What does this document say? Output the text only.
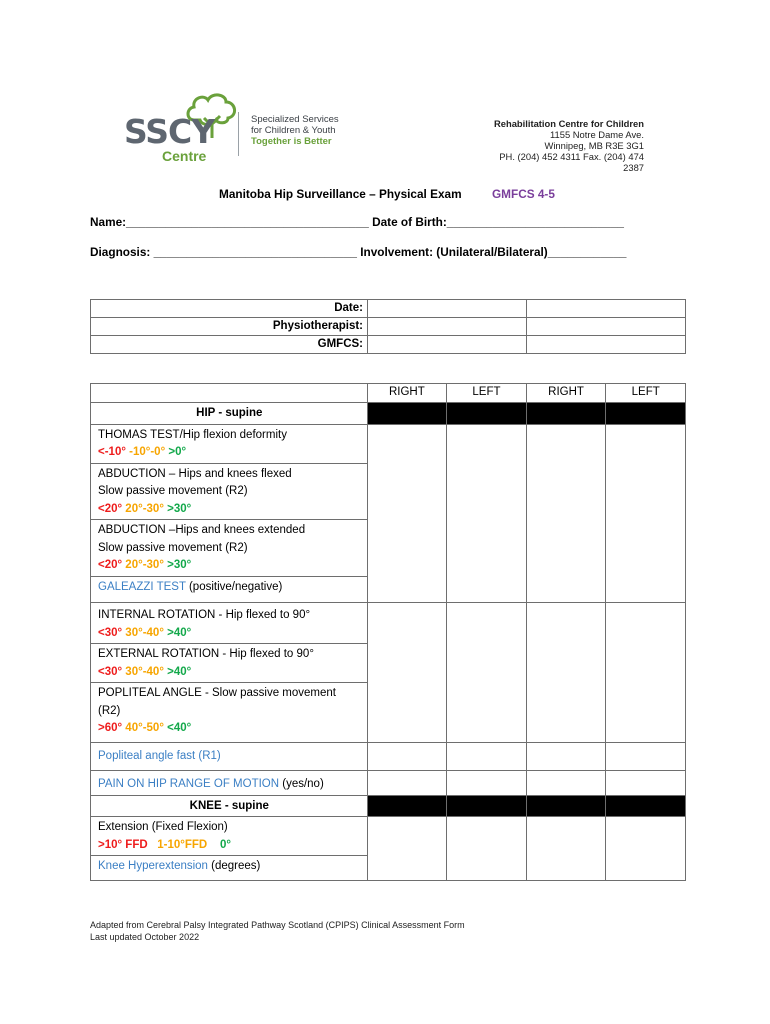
SSCY
Centre
Specialized Services
for Children & Youth
Together is Better
Rehabilitation Centre for Children
1155 Notre Dame Ave.
Winnipeg, MB R3E 3G1
PH. (204) 452 4311 Fax. (204) 474 2387
Manitoba Hip Surveillance – Physical Exam	GMFCS 4-5
Name:_____________________________________ Date of Birth:___________________________
Diagnosis: _______________________________ Involvement: (Unilateral/Bilateral)____________
Date:		
Physiotherapist:		
GMFCS:		
	RIGHT	LEFT	RIGHT	LEFT
HIP - supine				

THOMAS TEST/Hip flexion deformity
<-10° -10°-0° >0°				

ABDUCTION – Hips and knees flexed
Slow passive movement (R2)
<20° 20°-30° >30°				

ABDUCTION –Hips and knees extended
Slow passive movement (R2)
<20° 20°-30° >30°				

GALEAZZI TEST (positive/negative)				

INTERNAL ROTATION - Hip flexed to 90°
<30° 30°-40° >40°				

EXTERNAL ROTATION - Hip flexed to 90°
<30° 30°-40° >40°				

POPLITEAL ANGLE - Slow passive movement
(R2)
>60° 40°-50° <40°				

Popliteal angle fast (R1)				
PAIN ON HIP RANGE OF MOTION (yes/no)				
KNEE - supine				

Extension (Fixed Flexion)
>10° FFD   1-10°FFD    0°				

Knee Hyperextension (degrees)				
Adapted from Cerebral Palsy Integrated Pathway Scotland (CPIPS) Clinical Assessment Form
Last updated October 2022
